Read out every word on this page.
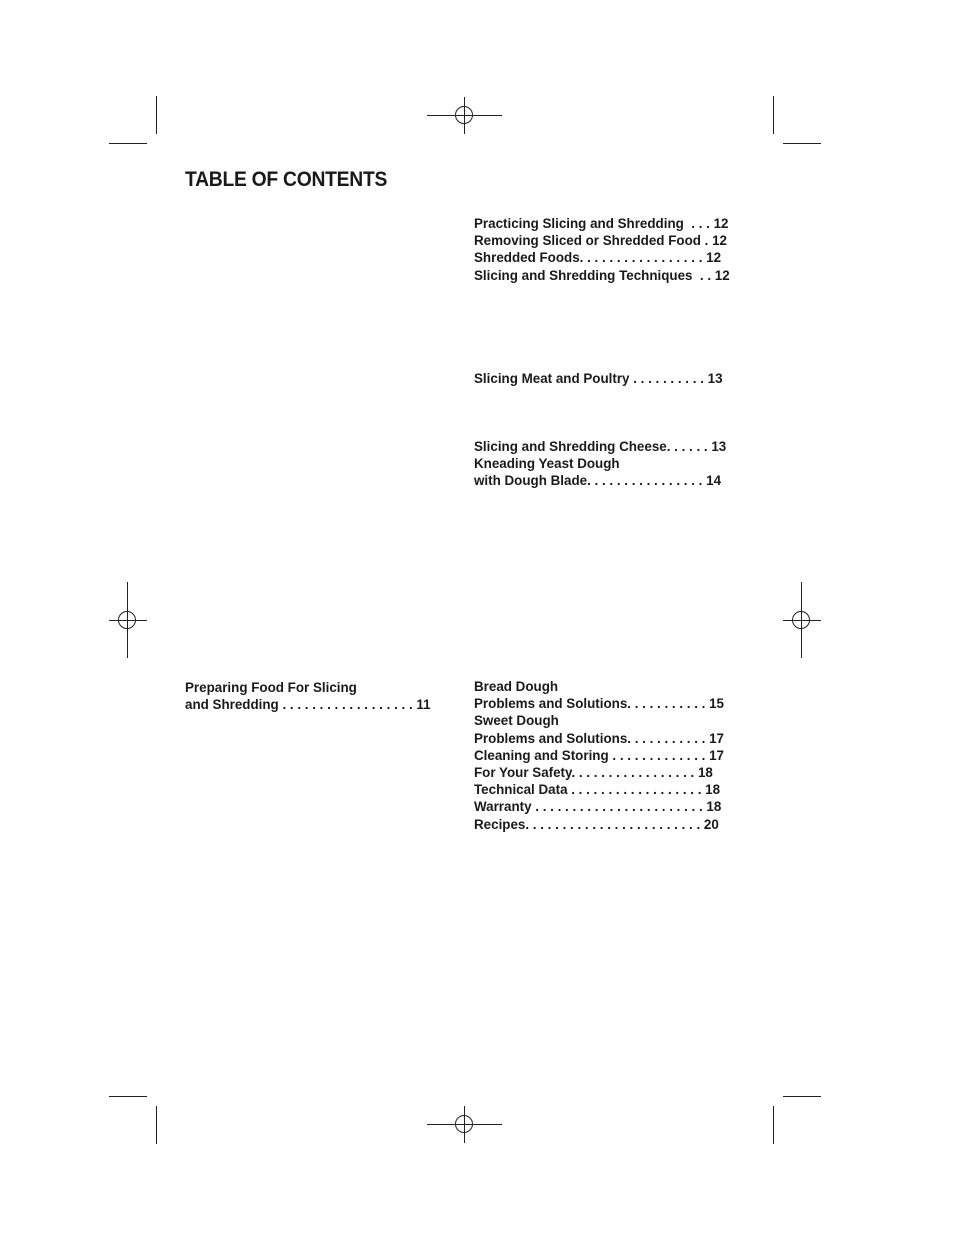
TABLE OF CONTENTS
Preparing Food For Slicing
and Shredding . . . . . . . . . . . . . . . . . . 11
Practicing Slicing and Shredding  . . . 12
Removing Sliced or Shredded Food . 12
Shredded Foods. . . . . . . . . . . . . . . . . 12
Slicing and Shredding Techniques  . . 12
Slicing Meat and Poultry . . . . . . . . . . 13
Slicing and Shredding Cheese. . . . . . 13
Kneading Yeast Dough
with Dough Blade. . . . . . . . . . . . . . . . 14
Bread Dough
Problems and Solutions. . . . . . . . . . . 15
Sweet Dough
Problems and Solutions. . . . . . . . . . . 17
Cleaning and Storing . . . . . . . . . . . . . 17
For Your Safety. . . . . . . . . . . . . . . . . 18
Technical Data . . . . . . . . . . . . . . . . . . 18
Warranty . . . . . . . . . . . . . . . . . . . . . . . 18
Recipes. . . . . . . . . . . . . . . . . . . . . . . . 20
